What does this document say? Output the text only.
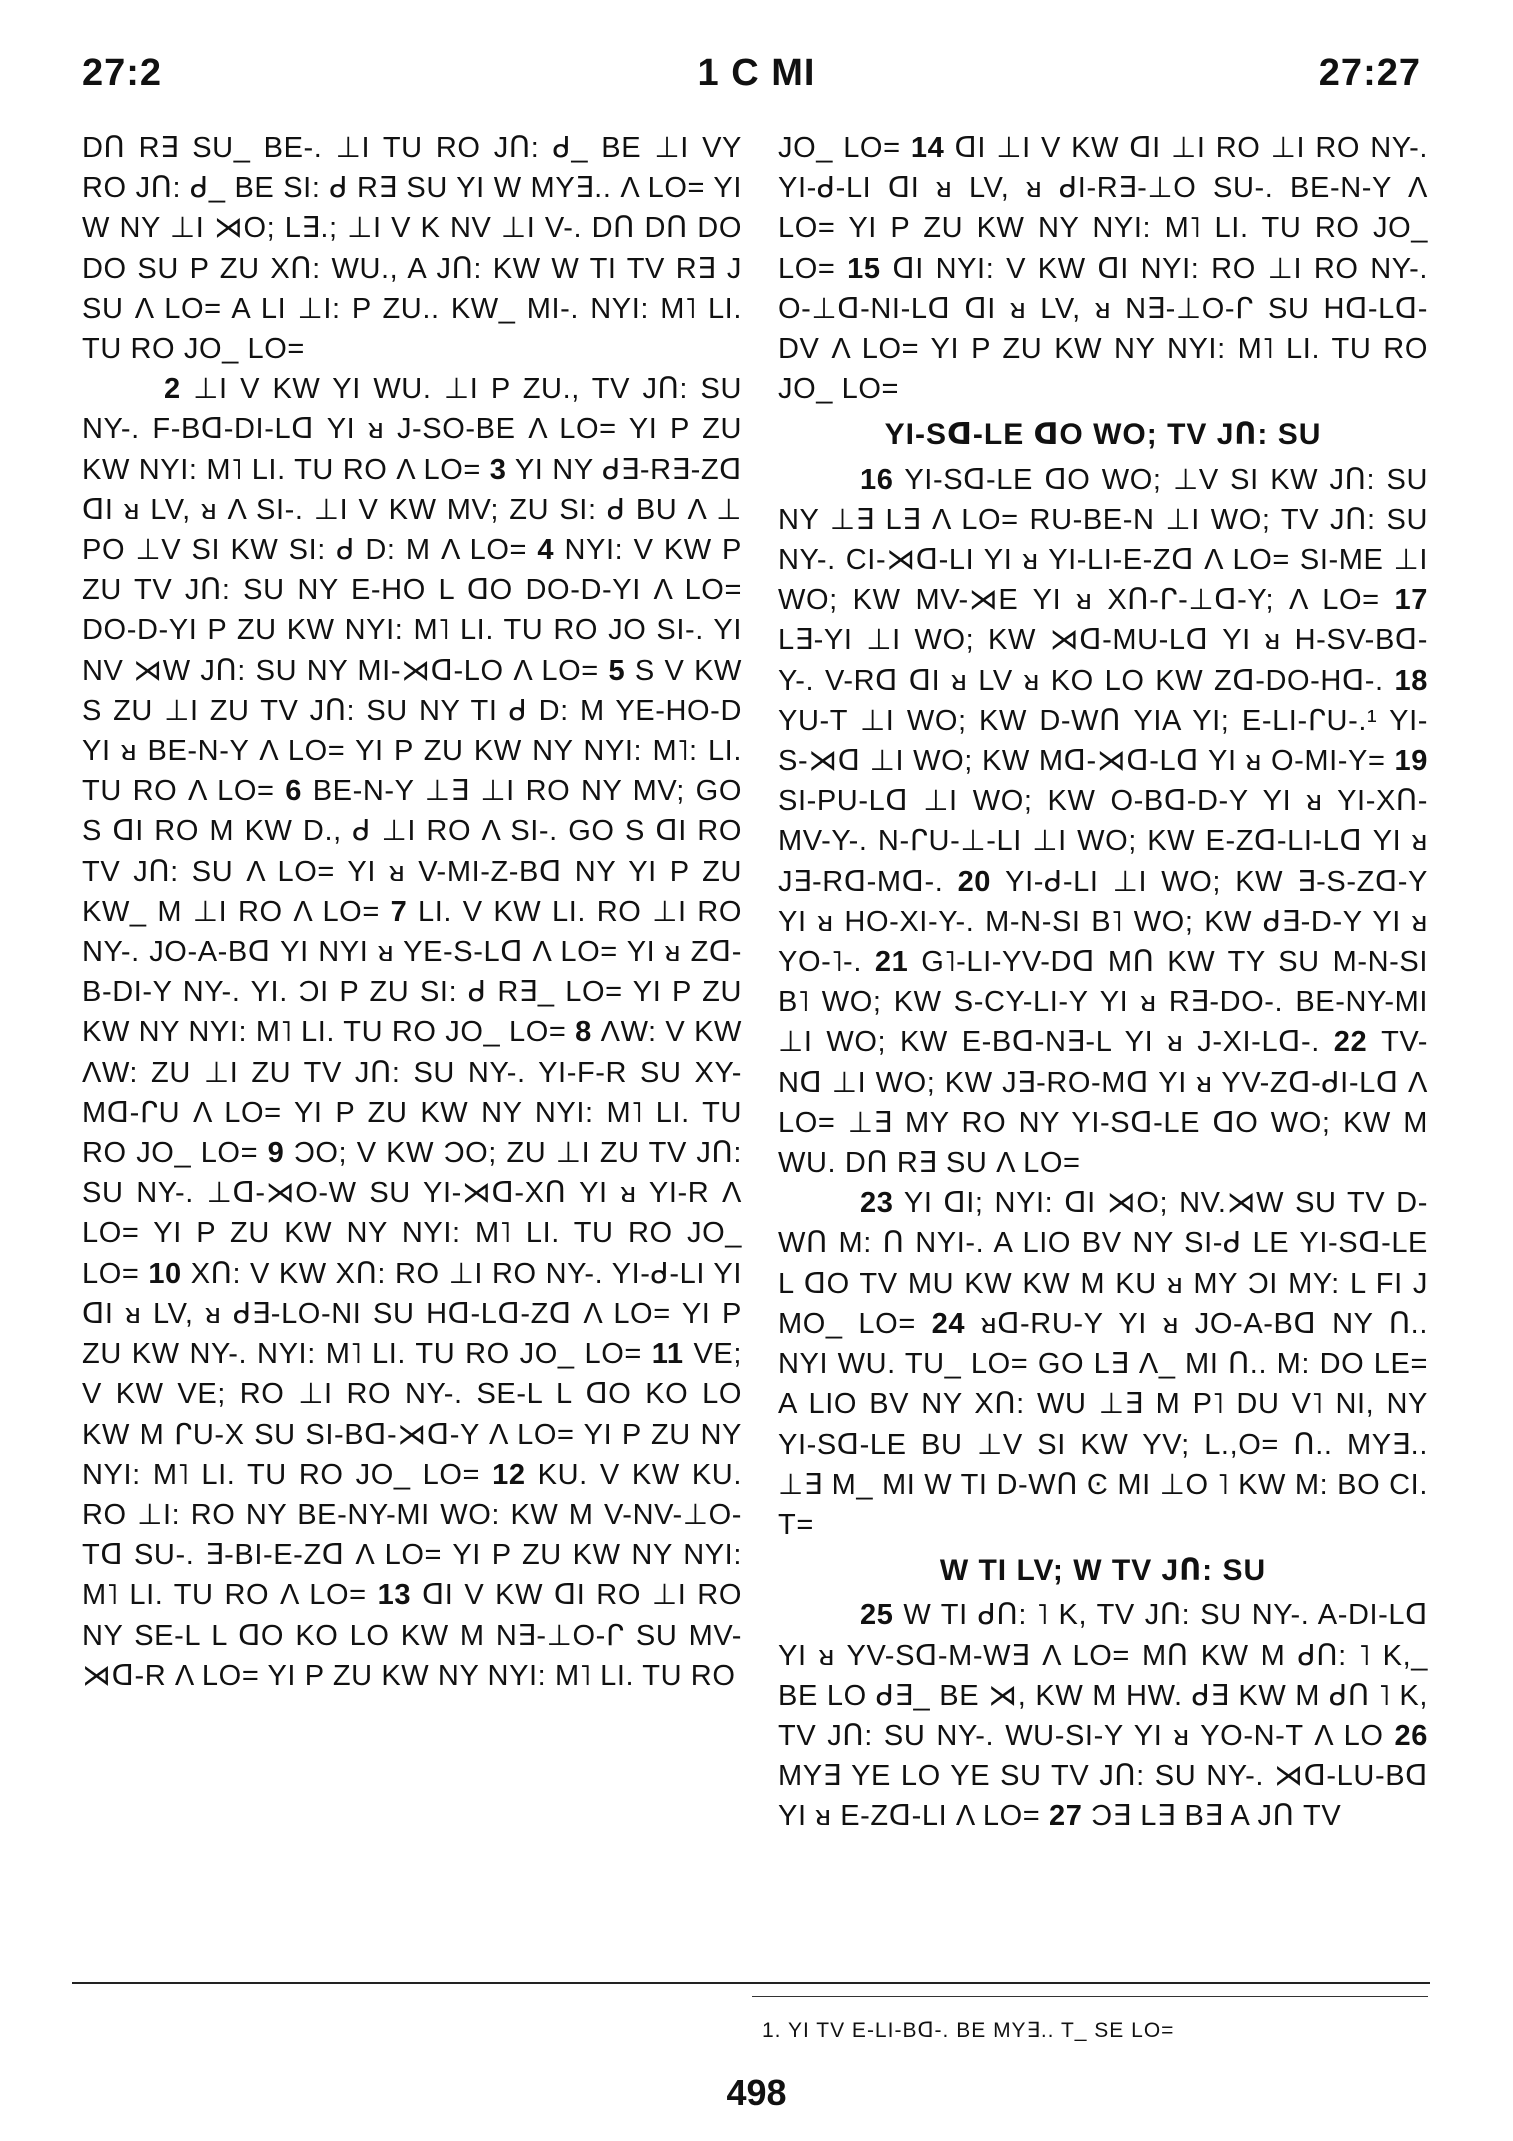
27:2	1 C MI	27:27

DՈ R∃ SU_ BE-. ⊥I TU RO JՈ: ᑯ_ BE ⊥I VY RO JՈ: ᑯ_ BE SI: ᑯ R∃ SU YI W MY∃.. Λ LO= YI W NY ⊥I ⋊O; L∃.; ⊥I V K NV ⊥I V-. DՈ DՈ DO DO SU P ZU XՈ: WU., A JՈ: KW W TI TV R∃ J SU Λ LO= A LI ⊥I: P ZU.. KW_ MI-. NYI: M˥ LI. TU RO JO_ LO=

2 ⊥I V KW YI WU. ⊥I P ZU., TV JՈ: SU NY-. F-Bᗡ-DI-Lᗡ YI ᴚ J-SO-BE Λ LO= YI P ZU KW NYI: M˥ LI. TU RO Λ LO= 3 YI NY ᑯ∃-R∃-Zᗡ ꓷI ᴚ LV, ᴚ Λ SI-. ⊥I V KW MV; ZU SI: ᑯ BU Λ ⊥ PO ⊥V SI KW SI: ᑯ D: M Λ LO= 4 NYI: V KW P ZU TV JՈ: SU NY E-HO L ꓷO DO-D-YI Λ LO= DO-D-YI P ZU KW NYI: M˥ LI. TU RO JO SI-. YI NV ⋊W JՈ: SU NY MI-⋊ᗡ-LO Λ LO= 5 S V KW S ZU ⊥I ZU TV JՈ: SU NY TI ᑯ D: M YE-HO-D YI ᴚ BE-N-Y Λ LO= YI P ZU KW NY NYI: M˥: LI. TU RO Λ LO= 6 BE-N-Y ⊥∃ ⊥I RO NY MV; GO S ꓷI RO M KW D., ᑯ ⊥I RO Λ SI-. GO S ꓷI RO TV JՈ: SU Λ LO= YI ᴚ V-MI-Z-Bᗡ NY YI P ZU KW_ M ⊥I RO Λ LO= 7 LI. V KW LI. RO ⊥I RO NY-. JO-A-Bᗡ YI NYI ᴚ YE-S-Lᗡ Λ LO= YI ᴚ Zᗡ-B-DI-Y NY-. YI. ƆI P ZU SI: ᑯ R∃_ LO= YI P ZU KW NY NYI: M˥ LI. TU RO JO_ LO= 8 ΛW: V KW ΛW: ZU ⊥I ZU TV JՈ: SU NY-. YI-F-R SU XY-Mᗡ-ᒋU Λ LO= YI P ZU KW NY NYI: M˥ LI. TU RO JO_ LO= 9 ƆO; V KW ƆO; ZU ⊥I ZU TV JՈ: SU NY-. ⊥ᗡ-⋊O-W SU YI-⋊ᗡ-XՈ YI ᴚ YI-R Λ LO= YI P ZU KW NY NYI: M˥ LI. TU RO JO_ LO= 10 XՈ: V KW XՈ: RO ⊥I RO NY-. YI-ᑯ-LI YI ꓷI ᴚ LV, ᴚ ᑯ∃-LO-NI SU Hᗡ-Lᗡ-Zᗡ Λ LO= YI P ZU KW NY-. NYI: M˥ LI. TU RO JO_ LO= 11 VE; V KW VE; RO ⊥I RO NY-. SE-L L ꓷO KO LO KW M ᒋU-X SU SI-Bᗡ-⋊ᗡ-Y Λ LO= YI P ZU NY NYI: M˥ LI. TU RO JO_ LO= 12 KU. V KW KU. RO ⊥I: RO NY BE-NY-MI WO: KW M V-NV-⊥O-Tᗡ SU-. ∃-BI-E-Zᗡ Λ LO= YI P ZU KW NY NYI: M˥ LI. TU RO Λ LO= 13 ꓷI V KW ꓷI RO ⊥I RO NY SE-L L ꓷO KO LO KW M N∃-⊥O-ᒋ SU MV-⋊ᗡ-R Λ LO= YI P ZU KW NY NYI: M˥ LI. TU RO

JO_ LO= 14 ꓷI ⊥I V KW ꓷI ⊥I RO ⊥I RO NY-. YI-ᑯ-LI ꓷI ᴚ LV, ᴚ ᑯI-R∃-⊥O SU-. BE-N-Y Λ LO= YI P ZU KW NY NYI: M˥ LI. TU RO JO_ LO= 15 ꓷI NYI: V KW ꓷI NYI: RO ⊥I RO NY-. O-⊥ᗡ-NI-Lᗡ ꓷI ᴚ LV, ᴚ N∃-⊥O-ᒋ SU Hᗡ-Lᗡ-DV Λ LO= YI P ZU KW NY NYI: M˥ LI. TU RO JO_ LO=

YI-Sᗡ-LE ꓷO WO; TV JՈ: SU

16 YI-Sᗡ-LE ꓷO WO; ⊥V SI KW JՈ: SU NY ⊥∃ L∃ Λ LO= RU-BE-N ⊥I WO; TV JՈ: SU NY-. CI-⋊ᗡ-LI YI ᴚ YI-LI-E-Zᗡ Λ LO= SI-ME ⊥I WO; KW MV-⋊E YI ᴚ XՈ-ᒋ-⊥ᗡ-Y; Λ LO= 17 L∃-YI ⊥I WO; KW ⋊ᗡ-MU-Lᗡ YI ᴚ H-SV-Bᗡ-Y-. V-Rᗡ ꓷI ᴚ LV ᴚ KO LO KW Zᗡ-DO-Hᗡ-. 18 YU-T ⊥I WO; KW D-WՈ YIA YI; E-LI-ᒋU-.¹ YI-S-⋊ᗡ ⊥I WO; KW Mᗡ-⋊ᗡ-Lᗡ YI ᴚ O-MI-Y= 19 SI-PU-Lᗡ ⊥I WO; KW O-Bᗡ-D-Y YI ᴚ YI-XՈ-MV-Y-. N-ᒋU-⊥-LI ⊥I WO; KW E-Zᗡ-LI-Lᗡ YI ᴚ J∃-Rᗡ-Mᗡ-. 20 YI-ᑯ-LI ⊥I WO; KW ∃-S-Zᗡ-Y YI ᴚ HO-XI-Y-. M-N-SI B˥ WO; KW ᑯ∃-D-Y YI ᴚ YO-˥-. 21 G˥-LI-YV-Dᗡ MՈ KW TY SU M-N-SI B˥ WO; KW S-CY-LI-Y YI ᴚ R∃-DO-. BE-NY-MI ⊥I WO; KW E-Bᗡ-N∃-L YI ᴚ J-XI-Lᗡ-. 22 TV-Nᗡ ⊥I WO; KW J∃-RO-Mᗡ YI ᴚ YV-Zᗡ-ᑯI-Lᗡ Λ LO= ⊥∃ MY RO NY YI-Sᗡ-LE ꓷO WO; KW M WU. DՈ R∃ SU Λ LO=

23 YI ꓷI; NYI: ꓷI ⋊O; NV.⋊W SU TV D-WՈ M: Ո NYI-. A LIO BV NY SI-ᑯ LE YI-Sᗡ-LE L ꓷO TV MU KW KW M KU ᴚ MY ƆI MY: L FI J MO_ LO= 24 ᴚᗡ-RU-Y YI ᴚ JO-A-Bᗡ NY Ո.. NYI WU. TU_ LO= GO L∃ Λ_ MI Ո.. M: DO LE= A LIO BV NY XՈ: WU ⊥∃ M P˥ DU V˥ NI, NY YI-Sᗡ-LE BU ⊥V SI KW YV; L.,O= Ո.. MY∃.. ⊥∃ M_ MI W TI D-WՈ Ͼ MI ⊥O ˥ KW M: BO CI. T=

W TI LV; W TV JՈ: SU

25 W TI ᑯՈ: ˥ K, TV JՈ: SU NY-. A-DI-Lᗡ YI ᴚ YV-Sᗡ-M-W∃ Λ LO= MՈ KW M ᑯՈ: ˥ K,_ BE LO ᑯ∃_ BE ⋊, KW M HW. ᑯ∃ KW M ᑯՈ ˥ K, TV JՈ: SU NY-. WU-SI-Y YI ᴚ YO-N-T Λ LO 26 MY∃ YE LO YE SU TV JՈ: SU NY-. ⋊ᗡ-LU-Bᗡ YI ᴚ E-Zᗡ-LI Λ LO= 27 Ɔ∃ L∃ B∃ A JՈ TV

1. YI TV E-LI-Bᗡ-. BE MY∃.. T_ SE LO=
498
